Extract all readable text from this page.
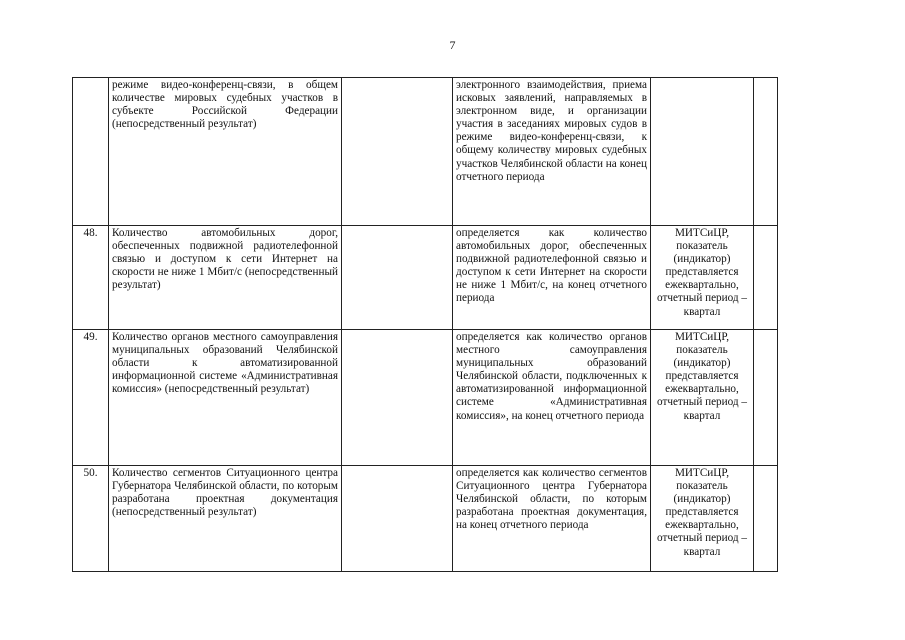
7
	режиме видео-конференц-связи, в общем количестве мировых судебных участков в субъекте Российской Федерации (непосредственный результат)		электронного взаимодействия, приема исковых заявлений, направляемых в электронном виде, и организации участия в заседаниях мировых судов в режиме видео-конференц-связи, к общему количеству мировых судебных участков Челябинской области на конец отчетного периода		
48.	Количество автомобильных дорог, обеспеченных подвижной радиотелефонной связью и доступом к сети Интернет на скорости не ниже 1 Мбит/с (непосредственный результат)		определяется как количество автомобильных дорог, обеспеченных подвижной радиотелефонной связью и доступом к сети Интернет на скорости не ниже 1 Мбит/с, на конец отчетного периода	МИТСиЦР, показатель (индикатор) представляется ежеквартально, отчетный период – квартал	
49.	Количество органов местного самоуправления муниципальных образований Челябинской области к автоматизированной информационной системе «Административная комиссия» (непосредственный результат)		определяется как количество органов местного самоуправления муниципальных образований Челябинской области, подключенных к автоматизированной информационной системе «Административная комиссия», на конец отчетного периода	МИТСиЦР, показатель (индикатор) представляется ежеквартально, отчетный период – квартал	
50.	Количество сегментов Ситуационного центра Губернатора Челябинской области, по которым разработана проектная документация (непосредственный результат)		определяется как количество сегментов Ситуационного центра Губернатора Челябинской области, по которым разработана проектная документация, на конец отчетного периода	МИТСиЦР, показатель (индикатор) представляется ежеквартально, отчетный период – квартал	
